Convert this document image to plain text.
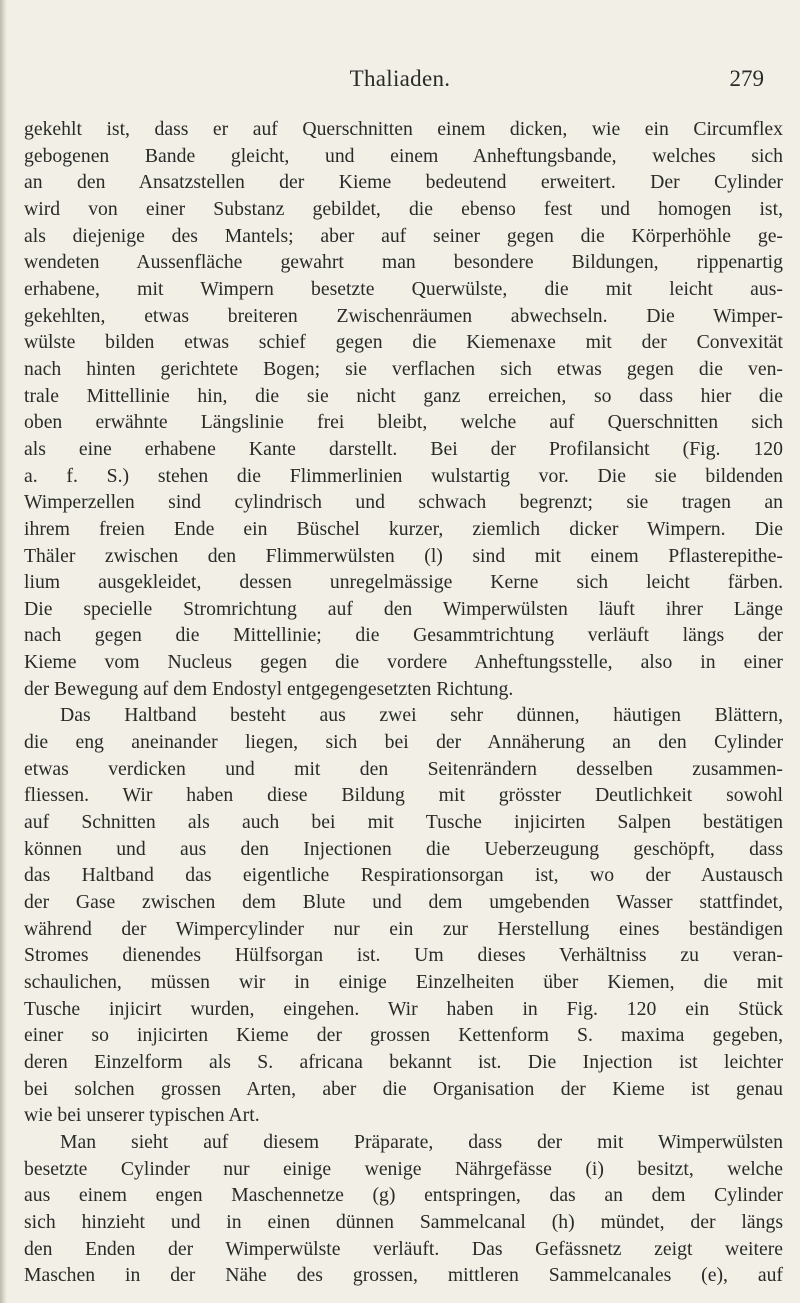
Thaliaden.	279
gekehlt ist, dass er auf Querschnitten einem dicken, wie ein Circumflex
gebogenen Bande gleicht, und einem Anheftungsbande, welches sich
an den Ansatzstellen der Kieme bedeutend erweitert. Der Cylinder
wird von einer Substanz gebildet, die ebenso fest und homogen ist,
als diejenige des Mantels; aber auf seiner gegen die Körperhöhle ge-
wendeten Aussenfläche gewahrt man besondere Bildungen, rippenartig
erhabene, mit Wimpern besetzte Querwülste, die mit leicht aus-
gekehlten, etwas breiteren Zwischenräumen abwechseln. Die Wimper-
wülste bilden etwas schief gegen die Kiemenaxe mit der Convexität
nach hinten gerichtete Bogen; sie verflachen sich etwas gegen die ven-
trale Mittellinie hin, die sie nicht ganz erreichen, so dass hier die
oben erwähnte Längslinie frei bleibt, welche auf Querschnitten sich
als eine erhabene Kante darstellt. Bei der Profilansicht (Fig. 120
a. f. S.) stehen die Flimmerlinien wulstartig vor. Die sie bildenden
Wimperzellen sind cylindrisch und schwach begrenzt; sie tragen an
ihrem freien Ende ein Büschel kurzer, ziemlich dicker Wimpern. Die
Thäler zwischen den Flimmerwülsten (l) sind mit einem Pflasterepithe-
lium ausgekleidet, dessen unregelmässige Kerne sich leicht färben.
Die specielle Stromrichtung auf den Wimperwülsten läuft ihrer Länge
nach gegen die Mittellinie; die Gesammtrichtung verläuft längs der
Kieme vom Nucleus gegen die vordere Anheftungsstelle, also in einer
der Bewegung auf dem Endostyl entgegengesetzten Richtung.
Das Haltband besteht aus zwei sehr dünnen, häutigen Blättern,
die eng aneinander liegen, sich bei der Annäherung an den Cylinder
etwas verdicken und mit den Seitenrändern desselben zusammen-
fliessen. Wir haben diese Bildung mit grösster Deutlichkeit sowohl
auf Schnitten als auch bei mit Tusche injicirten Salpen bestätigen
können und aus den Injectionen die Ueberzeugung geschöpft, dass
das Haltband das eigentliche Respirationsorgan ist, wo der Austausch
der Gase zwischen dem Blute und dem umgebenden Wasser stattfindet,
während der Wimpercylinder nur ein zur Herstellung eines beständigen
Stromes dienendes Hülfsorgan ist. Um dieses Verhältniss zu veran-
schaulichen, müssen wir in einige Einzelheiten über Kiemen, die mit
Tusche injicirt wurden, eingehen. Wir haben in Fig. 120 ein Stück
einer so injicirten Kieme der grossen Kettenform S. maxima gegeben,
deren Einzelform als S. africana bekannt ist. Die Injection ist leichter
bei solchen grossen Arten, aber die Organisation der Kieme ist genau
wie bei unserer typischen Art.
Man sieht auf diesem Präparate, dass der mit Wimperwülsten
besetzte Cylinder nur einige wenige Nährgefässe (i) besitzt, welche
aus einem engen Maschennetze (g) entspringen, das an dem Cylinder
sich hinzieht und in einen dünnen Sammelcanal (h) mündet, der längs
den Enden der Wimperwülste verläuft. Das Gefässnetz zeigt weitere
Maschen in der Nähe des grossen, mittleren Sammelcanales (e), auf
